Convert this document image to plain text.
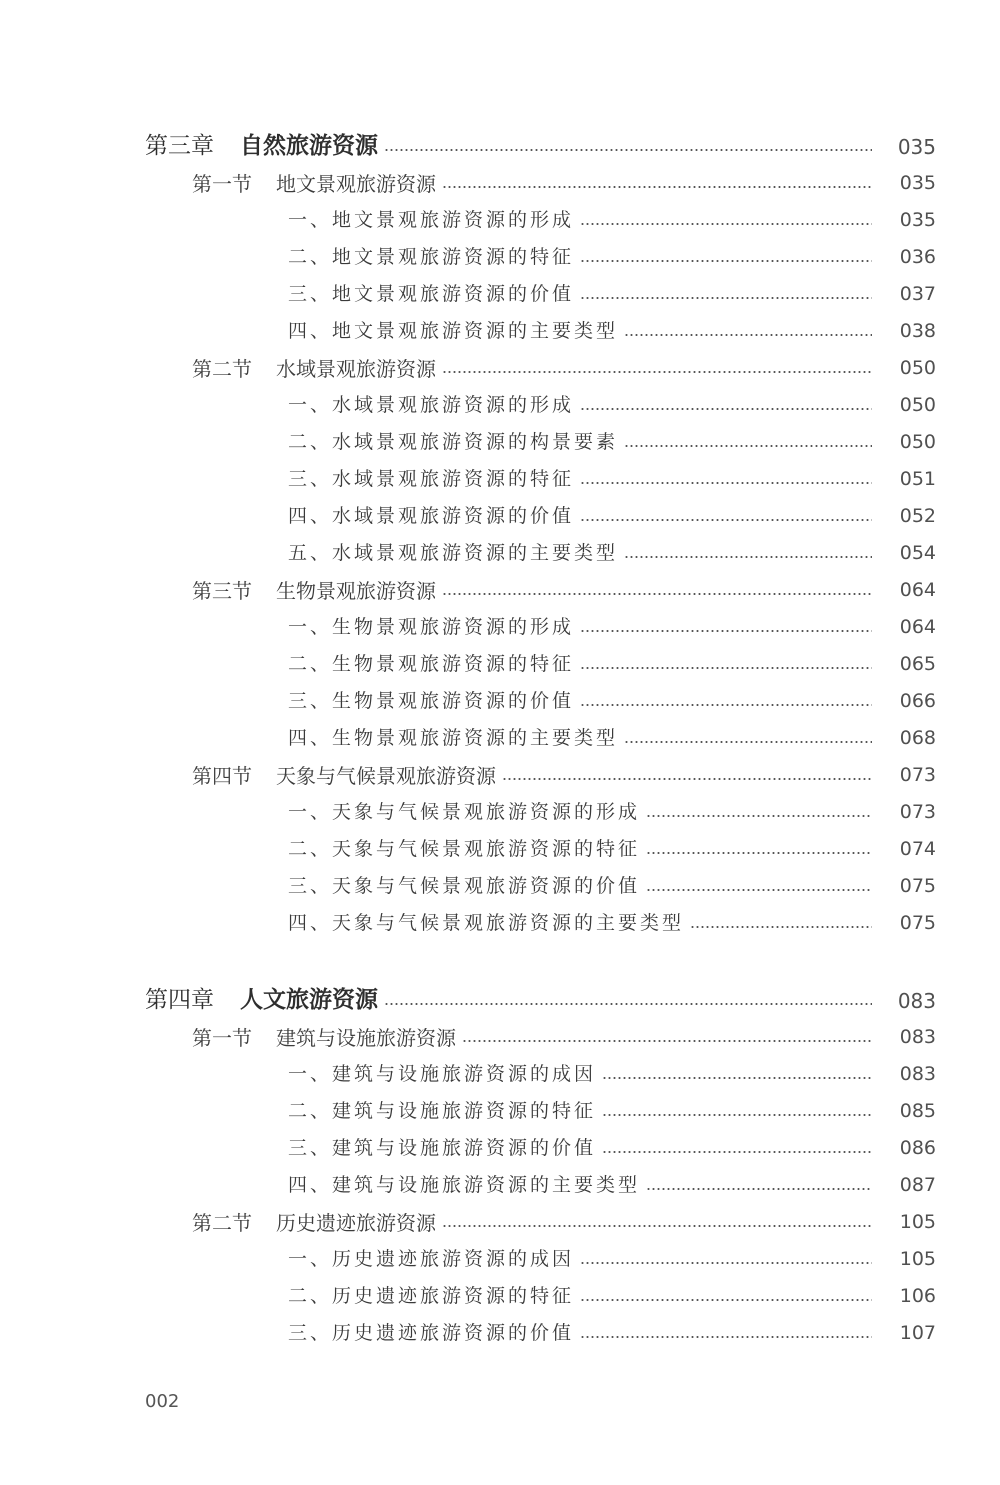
第三章 自然旅游资源	035
第一节 地文景观旅游资源	035
一、地文景观旅游资源的形成	035
二、地文景观旅游资源的特征	036
三、地文景观旅游资源的价值	037
四、地文景观旅游资源的主要类型	038
第二节 水域景观旅游资源	050
一、水域景观旅游资源的形成	050
二、水域景观旅游资源的构景要素	050
三、水域景观旅游资源的特征	051
四、水域景观旅游资源的价值	052
五、水域景观旅游资源的主要类型	054
第三节 生物景观旅游资源	064
一、生物景观旅游资源的形成	064
二、生物景观旅游资源的特征	065
三、生物景观旅游资源的价值	066
四、生物景观旅游资源的主要类型	068
第四节 天象与气候景观旅游资源	073
一、天象与气候景观旅游资源的形成	073
二、天象与气候景观旅游资源的特征	074
三、天象与气候景观旅游资源的价值	075
四、天象与气候景观旅游资源的主要类型	075
第四章 人文旅游资源	083
第一节 建筑与设施旅游资源	083
一、建筑与设施旅游资源的成因	083
二、建筑与设施旅游资源的特征	085
三、建筑与设施旅游资源的价值	086
四、建筑与设施旅游资源的主要类型	087
第二节 历史遗迹旅游资源	105
一、历史遗迹旅游资源的成因	105
二、历史遗迹旅游资源的特征	106
三、历史遗迹旅游资源的价值	107
002
